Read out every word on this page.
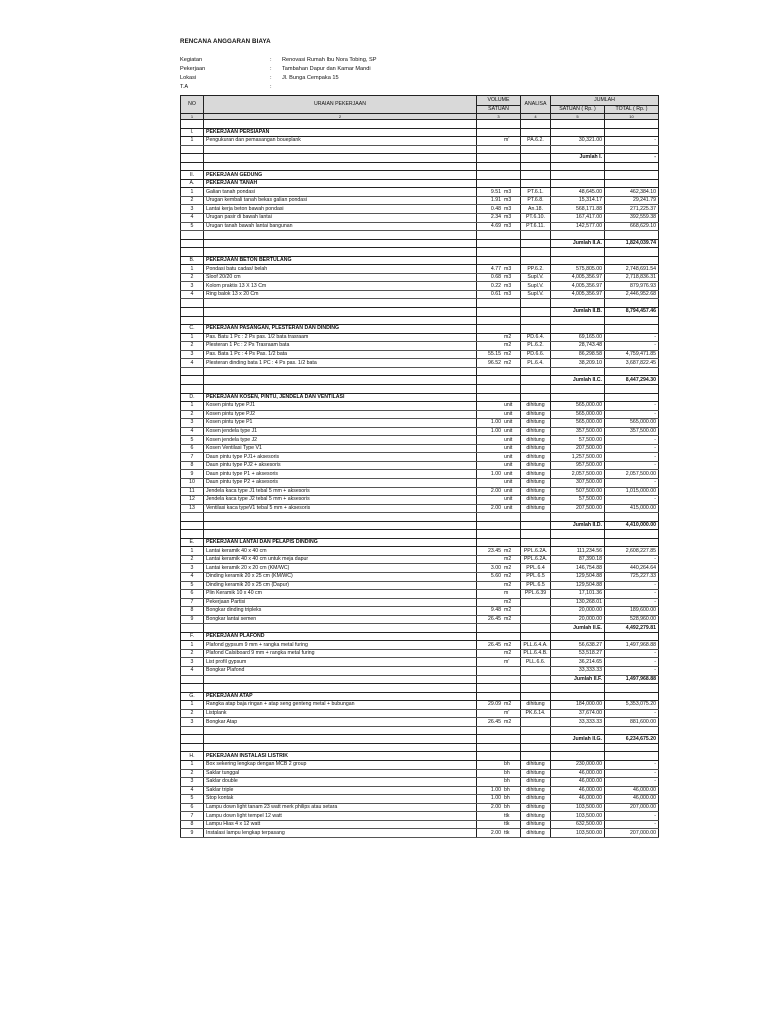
RENCANA ANGGARAN BIAYA
Kegiatan	:	Renovasi Rumah Ibu Nora Tobing, SP
Pekerjaan	:	Tambahan Dapur dan Kamar Mandi
Lokasi	:	Jl. Bunga Cempaka 15
T.A	:
NO	URAIAN PEKERJAAN	VOLUME	ANALISA	JUMLAH	
		SATUAN		SATUAN ( Rp. )	TOTAL ( Rp. )
1	2	3	4	5	10

I.	PEKERJAAN PERSIAPAN				
1	Pengukuran dan pemasangan boueplank	m'	PA.6.2.	30,321.00	-

				Jumlah I.	-

II.	PEKERJAAN GEDUNG				
A.	PEKERJAAN TANAH				
1	Galian tanah pondasi	9.51 m3	PT.6.1.	48,645.00	462,384.10
2	Urugan kembali tanah bekas galian pondasi	1.91 m3	PT.6.8.	15,314.17	29,241.79
3	Lantai kerja beton bawah pondasi	0.48 m3	An.18.	568,171.88	271,225.37
4	Urugan pasir di bawah lantai	2.34 m3	PT.6.10.	167,417.00	392,559.38
5	Urugan tanah bawah lantai bangunan	4.69 m3	PT.6.11.	142,577.00	668,629.10

				Jumlah II.A.	1,824,039.74

B.	PEKERJAAN BETON BERTULANG				
1	Pondasi batu cadas/ belah	4.77 m3	PP.6.2.	575,805.00	2,748,691.54
2	Sloof 20/20 cm	0.68 m3	Supl.V.	4,005,356.97	2,718,836.31
3	Kolom praktis 13 X 13 Cm	0.22 m3	Supl.V.	4,005,356.97	879,976.93
4	Ring balok 13 x 20 Cm	0.61 m3	Supl.V.	4,005,356.97	2,446,952.68

				Jumlah II.B.	8,794,457.46

C.	PEKERJAAN PASANGAN, PLESTERAN DAN DINDING				
1	Pas. Batu 1 Pc : 2 Ps pas. 1/2 bata trasraam	m2	PD.6.4.	69,165.00	-
2	Plesteran 1 Pc : 2 Ps Trasraam bata	m2	PL.6.2.	28,743.48	-
3	Pas. Bata 1 Pc : 4 Ps Pas. 1/2 bata	55.15 m2	PD.6.6.	86,298.58	4,759,471.85
4	Plesteran dinding bata 1 PC : 4 Ps pas. 1/2 bata	96.52 m2	PL.6.4.	38,209.10	3,687,822.45

				Jumlah II.C.	8,447,294.30

D.	PEKERJAAN KOSEN, PINTU, JENDELA DAN VENTILASI				
1	Kosen pintu type PJ1	unit	dihitung	565,000.00	-
2	Kosen pintu type PJ2	unit	dihitung	565,000.00	-
3	Kosen pintu type P1	1.00 unit	dihitung	565,000.00	565,000.00
4	Kosen jendela type J1	1.00 unit	dihitung	357,500.00	357,500.00
5	Kosen jendela type J2	unit	dihitung	57,500.00	-
6	Kosen Ventilasi Type V1	unit	dihitung	207,500.00	-
7	Daun pintu type PJ1+ aksesoris	unit	dihitung	1,257,500.00	-
8	Daun pintu type PJ2 + aksesoris	unit	dihitung	957,500.00	-
9	Daun pintu type P1 + aksesoris	1.00 unit	dihitung	2,057,500.00	2,057,500.00
10	Daun pintu type P2 + aksesoris	unit	dihitung	307,500.00	-
11	Jendela kaca type J1 tebal 5 mm + aksesoris	2.00 unit	dihitung	507,500.00	1,015,000.00
12	Jendela kaca type J2 tebal 5 mm + aksesoris	unit	dihitung	57,500.00	-
13	Ventilasi kaca typeV1 tebal 5 mm + aksesoris	2.00 unit	dihitung	207,500.00	415,000.00

				Jumlah II.D.	4,410,000.00

E.	PEKERJAAN LANTAI DAN PELAPIS DINDING				
1	Lantai keramik 40 x 40 cm	23.45 m2	PPL.6.2A.	111,234.56	2,608,227.85
2	Lantai keramik 40 x 40 cm untuk meja dapur	m2	PPL.6.2A.	87,390.18	-
3	Lantai keramik 20 x 20 cm (KM/WC)	3.00 m2	PPL.6.4	146,754.88	440,264.64
4	Dinding keramik 20 x 25 cm (KM/WC)	5.60 m2	PPL.6.5	129,504.88	725,227.33
5	Dinding keramik 20 x 25 cm (Dapur)	m2	PPL.6.5	129,504.88	-
6	Plin Keramik 10 x 40 cm	m	PPL.6.39	17,101.36	-
7	Pekerjaan Partisi	m2		130,268.01	-
8	Bongkar dinding tripleks	9.48 m2		20,000.00	189,600.00
9	Bongkar lantai semen	26.45 m2		20,000.00	528,960.00
				Jumlah II.E.	4,492,279.81
F.	PEKERJAAN PLAFOND				
1	Plafond gypsum 9 mm + rangka metal furing	26.45 m2	PLL.6.4.A.	56,638.27	1,497,968.88
2	Plafond Calsiboard 9 mm + rangka metal furing	m2	PLL.6.4.B.	53,518.27	-
3	List profil gypsum	m'	PLL.6.6.	36,214.65	-
4	Bongkar Plafond			33,333.33	-
				Jumlah II.F.	1,497,968.88

G.	PEKERJAAN ATAP				
1	Rangka atap baja ringan + atap seng genteng metal + bubungan	29.09 m2	dihitung	184,000.00	5,353,075.20
2	Listplank	m'	PK.6.14.	37,674.00	-
3	Bongkar Atap	26.45 m2		33,333.33	881,600.00

				Jumlah II.G.	6,234,675.20

H.	PEKERJAAN INSTALASI LISTRIK				
1	Box sekering lengkap dengan MCB 2 group	bh	dihitung	230,000.00	-
2	Saklar tunggal	bh	dihitung	46,000.00	-
3	Saklar double	bh	dihitung	46,000.00	-
4	Saklar triple	1.00 bh	dihitung	46,000.00	46,000.00
5	Stop kontak	1.00 bh	dihitung	46,000.00	46,000.00
6	Lampu down light tanam 23 watt merk philips atau setara	2.00 bh	dihitung	103,500.00	207,000.00
7	Lampu down light tempel 12 watt	ttk	dihitung	103,500.00	-
8	Lampu Hias 4 x 12 watt	ttk	dihitung	632,500.00	-
9	Instalasi lampu lengkap terpasang	2.00 ttk	dihitung	103,500.00	207,000.00
